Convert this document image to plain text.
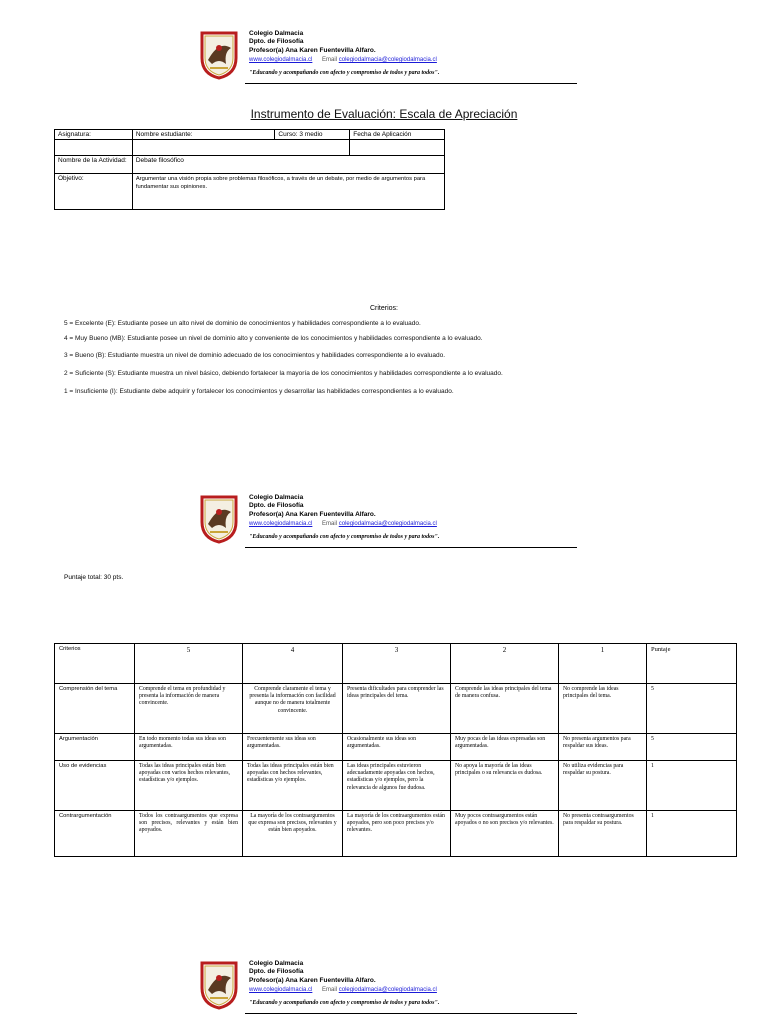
Colegio Dalmacia
Dpto. de Filosofía
Profesor(a) Ana Karen Fuentevilla Alfaro.
www.colegiodalmacia.cl Email colegiodalmacia@colegiodalmacia.cl
"Educando y acompañando con afecto y compromiso de todos y para todos".
Instrumento de Evaluación: Escala de Apreciación
Asignatura:	Nombre estudiante:	Curso: 3 medio	Fecha de Aplicación

Nombre de la Actividad:	Debate filosófico		
Objetivo:	Argumentar una visión propia sobre problemas filosóficos, a través de un debate, por medio de argumentos para fundamentar sus opiniones.		
Criterios:
5 = Excelente (E): Estudiante posee un alto nivel de dominio de conocimientos y habilidades correspondiente a lo evaluado.
4 = Muy Bueno (MB): Estudiante posee un nivel de dominio alto y conveniente de los conocimientos y habilidades correspondiente a lo evaluado.
3 = Bueno (B): Estudiante muestra un nivel de dominio adecuado de los conocimientos y habilidades correspondiente a lo evaluado.
2 = Suficiente (S): Estudiante muestra un nivel básico, debiendo fortalecer la mayoría de los conocimientos y habilidades correspondiente a lo evaluado.
1 = Insuficiente (I): Estudiante debe adquirir y fortalecer los conocimientos y desarrollar las habilidades correspondientes a lo evaluado.
Colegio Dalmacia
Dpto. de Filosofía
Profesor(a) Ana Karen Fuentevilla Alfaro.
www.colegiodalmacia.cl Email colegiodalmacia@colegiodalmacia.cl
"Educando y acompañando con afecto y compromiso de todos y para todos".
Puntaje total: 30 pts.
Criterios	5	4	3	2	1	Puntaje
Comprensión del tema	Comprende el tema en profundidad y presenta la información de manera convincente.	Comprende claramente el tema y presenta la información con facilidad aunque no de manera totalmente convincente.	Presenta dificultades para comprender las ideas principales del tema.	Comprende las ideas principales del tema de manera confusa.	No comprende las ideas principales del tema.	5
Argumentación	En todo momento todas sus ideas son argumentadas.	Frecuentemente sus ideas son argumentadas.	Ocasionalmente sus ideas son argumentadas.	Muy pocas de las ideas expresadas son argumentadas.	No presenta argumentos para respaldar sus ideas.	5
Uso de evidencias	Todas las ideas principales están bien apoyadas con varios hechos relevantes, estadísticas y/o ejemplos.	Todas las ideas principales están bien apoyadas con hechos relevantes, estadísticas y/o ejemplos.	Las ideas principales estuvieron adecuadamente apoyadas con hechos, estadísticas y/o ejemplos, pero la relevancia de algunos fue dudosa.	No apoya la mayoría de las ideas principales o su relevancia es dudosa.	No utiliza evidencias para respaldar su postura.	1
Contrargumentación	Todos los contraargumentos que expresa son precisos, relevantes y están bien apoyados.	La mayoría de los contraargumentos que expresa son precisos, relevantes y están bien apoyados.	La mayoría de los contraargumentos están apoyados, pero son poco precisos y/o relevantes.	Muy pocos contraargumentos están apoyados o no son precisos y/o relevantes.	No presenta contraargumentos para respaldar su postura.	1
Colegio Dalmacia
Dpto. de Filosofía
Profesor(a) Ana Karen Fuentevilla Alfaro.
www.colegiodalmacia.cl Email colegiodalmacia@colegiodalmacia.cl
"Educando y acompañando con afecto y compromiso de todos y para todos".
